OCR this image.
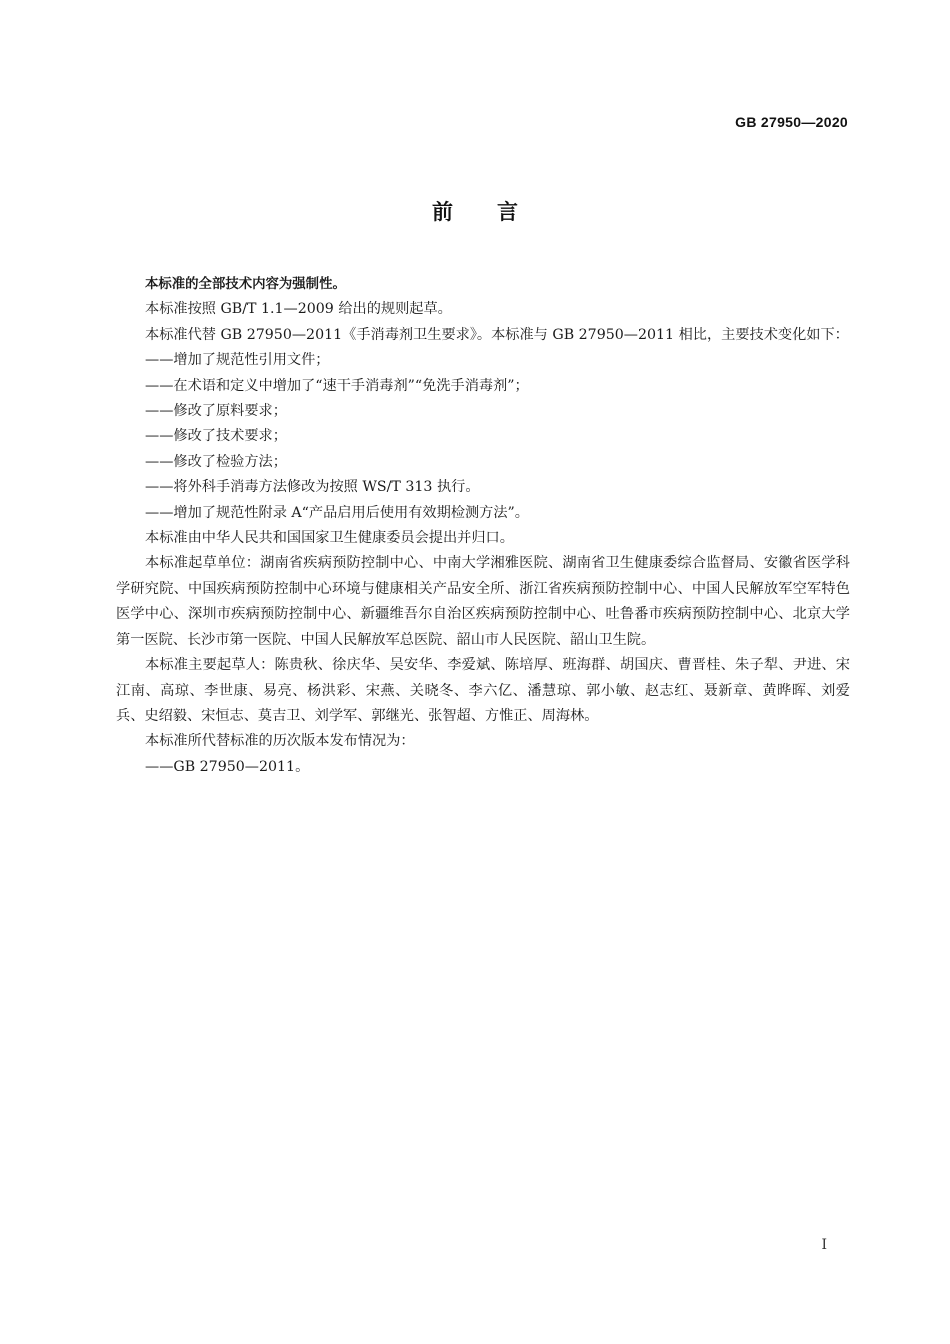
GB 27950—2020
前言

本标准的全部技术内容为强制性。

本标准按照 GB/T 1.1—2009 给出的规则起草。

本标准代替 GB 27950—2011《手消毒剂卫生要求》。本标准与 GB 27950—2011 相比，主要技术变化如下：

——增加了规范性引用文件；

——在术语和定义中增加了“速干手消毒剂”“免洗手消毒剂”；

——修改了原料要求；

——修改了技术要求；

——修改了检验方法；

——将外科手消毒方法修改为按照 WS/T 313 执行。

——增加了规范性附录 A“产品启用后使用有效期检测方法”。

本标准由中华人民共和国国家卫生健康委员会提出并归口。

本标准起草单位：湖南省疾病预防控制中心、中南大学湘雅医院、湖南省卫生健康委综合监督局、安徽省医学科学研究院、中国疾病预防控制中心环境与健康相关产品安全所、浙江省疾病预防控制中心、中国人民解放军空军特色医学中心、深圳市疾病预防控制中心、新疆维吾尔自治区疾病预防控制中心、吐鲁番市疾病预防控制中心、北京大学第一医院、长沙市第一医院、中国人民解放军总医院、韶山市人民医院、韶山卫生院。

本标准主要起草人：陈贵秋、徐庆华、吴安华、李爱斌、陈培厚、班海群、胡国庆、曹晋桂、朱子犁、尹进、宋江南、高琼、李世康、易亮、杨洪彩、宋燕、关晓冬、李六亿、潘慧琼、郭小敏、赵志红、聂新章、黄晔晖、刘爱兵、史绍毅、宋恒志、莫吉卫、刘学军、郭继光、张智超、方惟正、周海林。

本标准所代替标准的历次版本发布情况为：

——GB 27950—2011。

I
